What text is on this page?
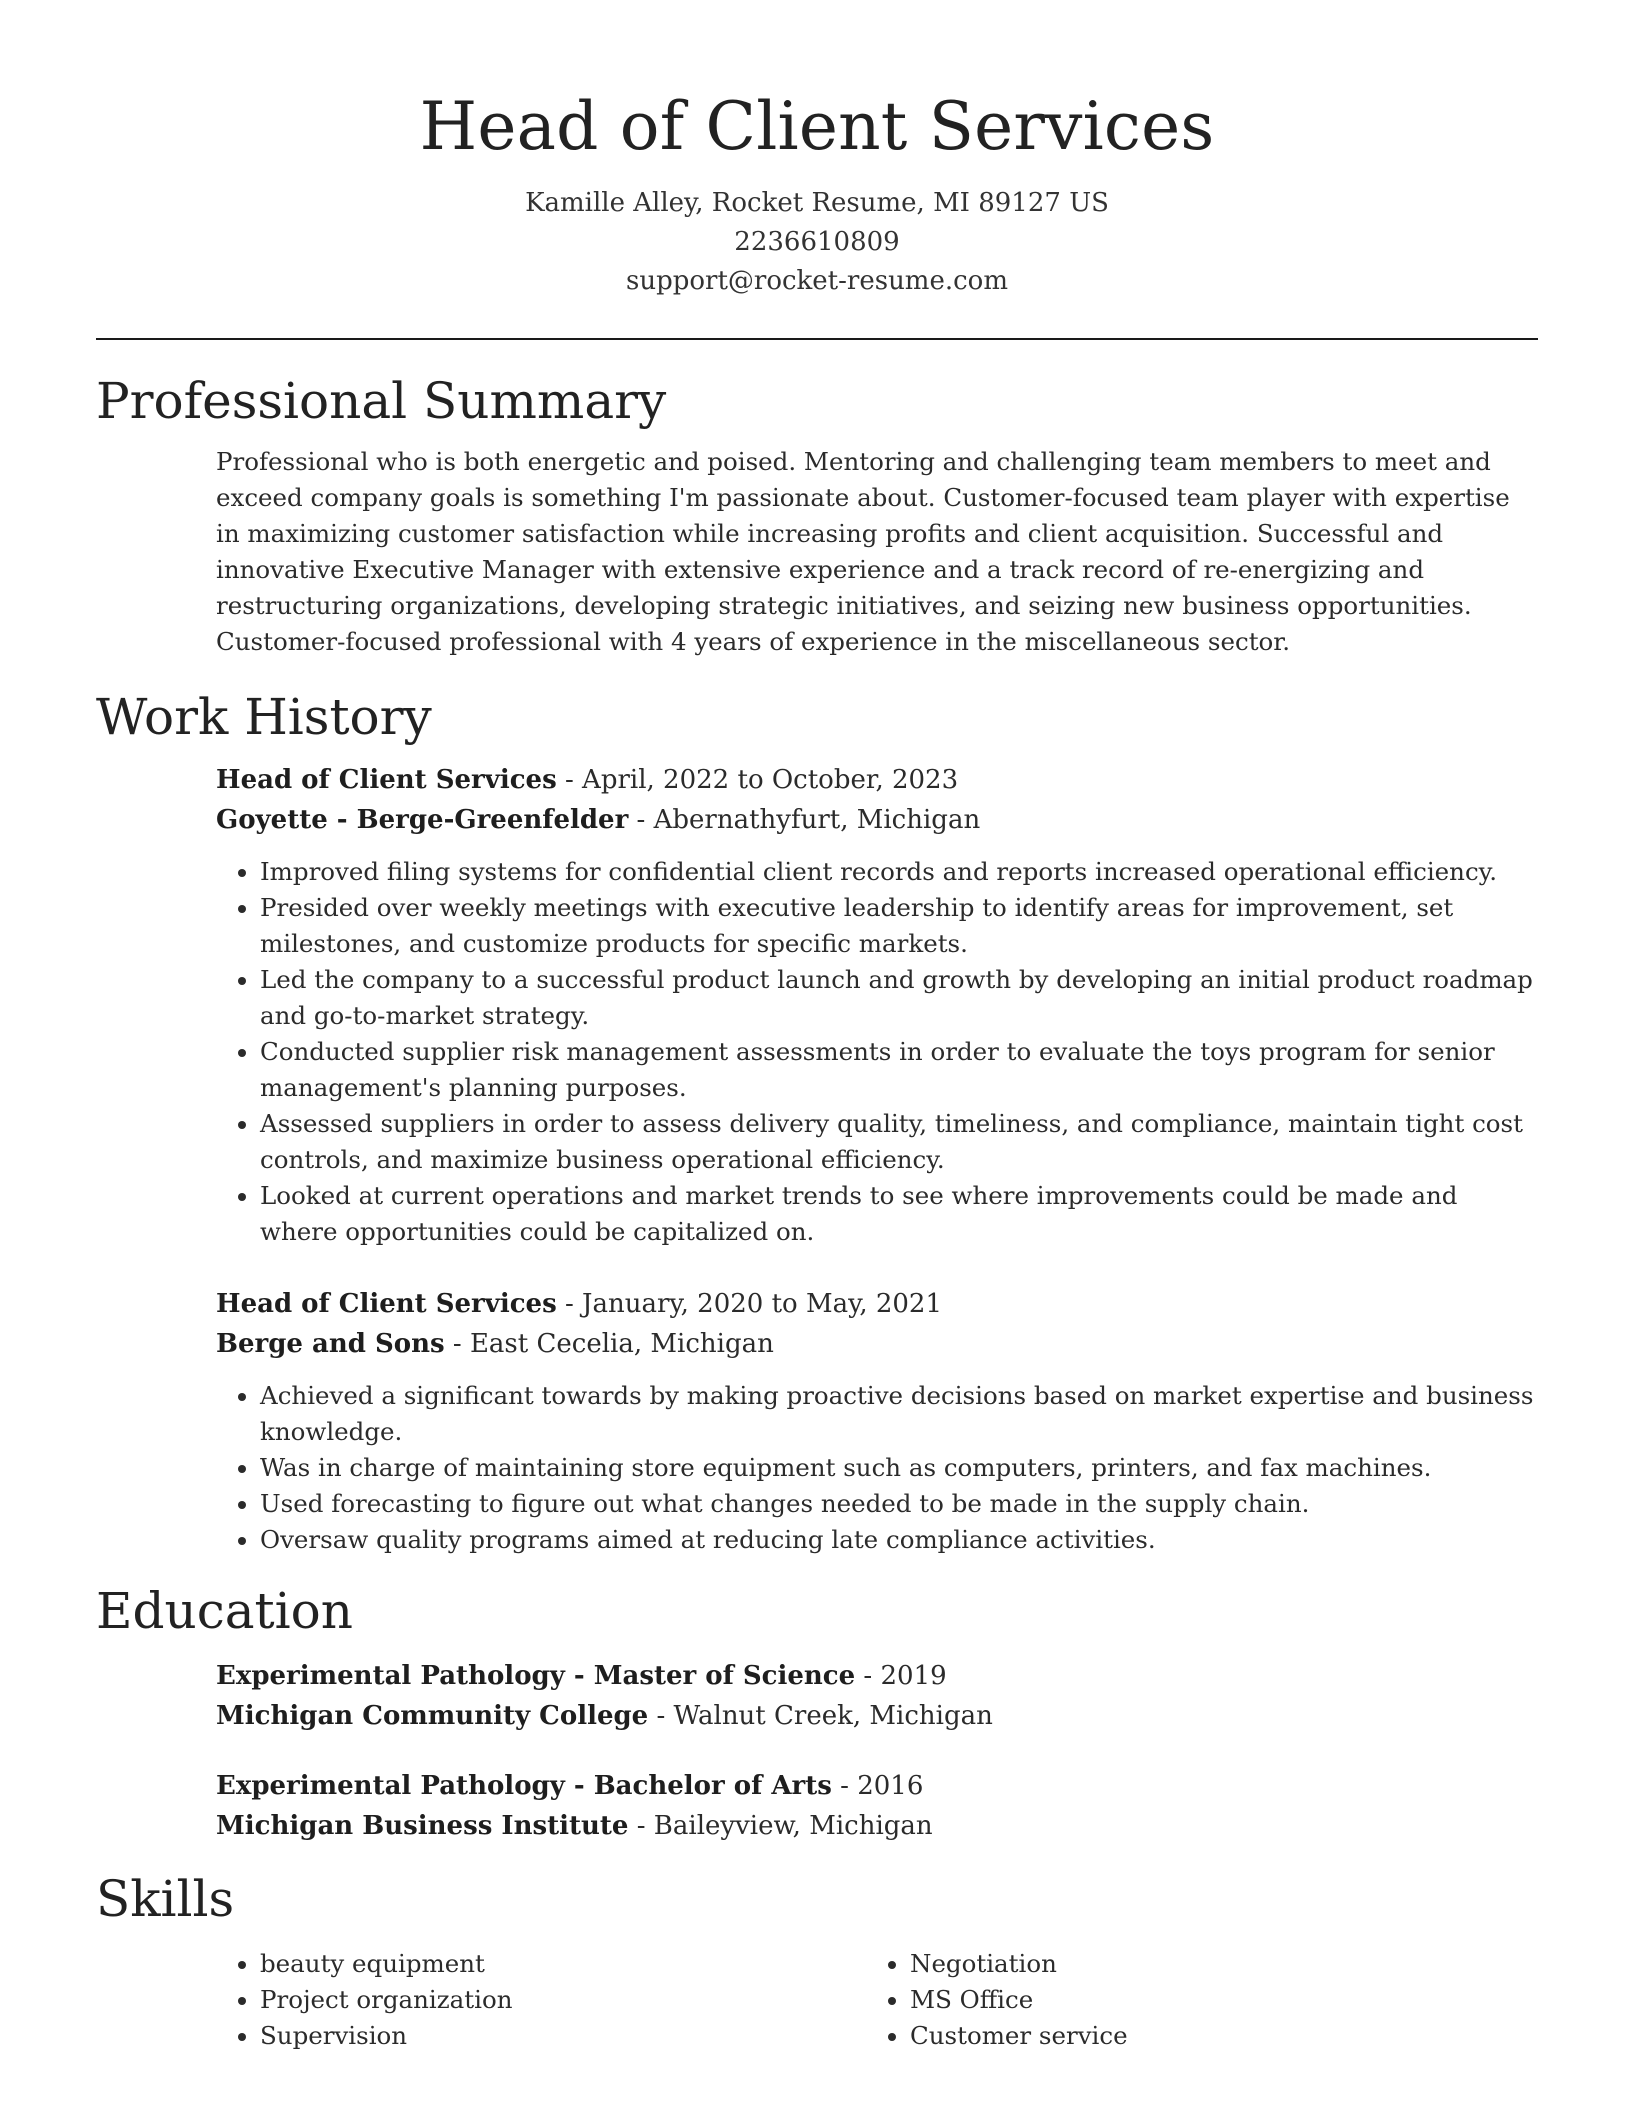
Head of Client Services
Kamille Alley, Rocket Resume, MI 89127 US
2236610809
support@rocket-resume.com
Professional Summary
Professional who is both energetic and poised. Mentoring and challenging team members to meet and exceed company goals is something I'm passionate about. Customer-focused team player with expertise in maximizing customer satisfaction while increasing profits and client acquisition. Successful and innovative Executive Manager with extensive experience and a track record of re-energizing and restructuring organizations, developing strategic initiatives, and seizing new business opportunities. Customer-focused professional with 4 years of experience in the miscellaneous sector.
Work History
Head of Client Services - April, 2022 to October, 2023
Goyette - Berge-Greenfelder - Abernathyfurt, Michigan
• Improved filing systems for confidential client records and reports increased operational efficiency.
• Presided over weekly meetings with executive leadership to identify areas for improvement, set milestones, and customize products for specific markets.
• Led the company to a successful product launch and growth by developing an initial product roadmap and go-to-market strategy.
• Conducted supplier risk management assessments in order to evaluate the toys program for senior management's planning purposes.
• Assessed suppliers in order to assess delivery quality, timeliness, and compliance, maintain tight cost controls, and maximize business operational efficiency.
• Looked at current operations and market trends to see where improvements could be made and where opportunities could be capitalized on.
Head of Client Services - January, 2020 to May, 2021
Berge and Sons - East Cecelia, Michigan
• Achieved a significant towards by making proactive decisions based on market expertise and business knowledge.
• Was in charge of maintaining store equipment such as computers, printers, and fax machines.
• Used forecasting to figure out what changes needed to be made in the supply chain.
• Oversaw quality programs aimed at reducing late compliance activities.
Education
Experimental Pathology - Master of Science - 2019
Michigan Community College - Walnut Creek, Michigan
Experimental Pathology - Bachelor of Arts - 2016
Michigan Business Institute - Baileyview, Michigan
Skills
• beauty equipment
• Project organization
• Supervision
• Negotiation
• MS Office
• Customer service
